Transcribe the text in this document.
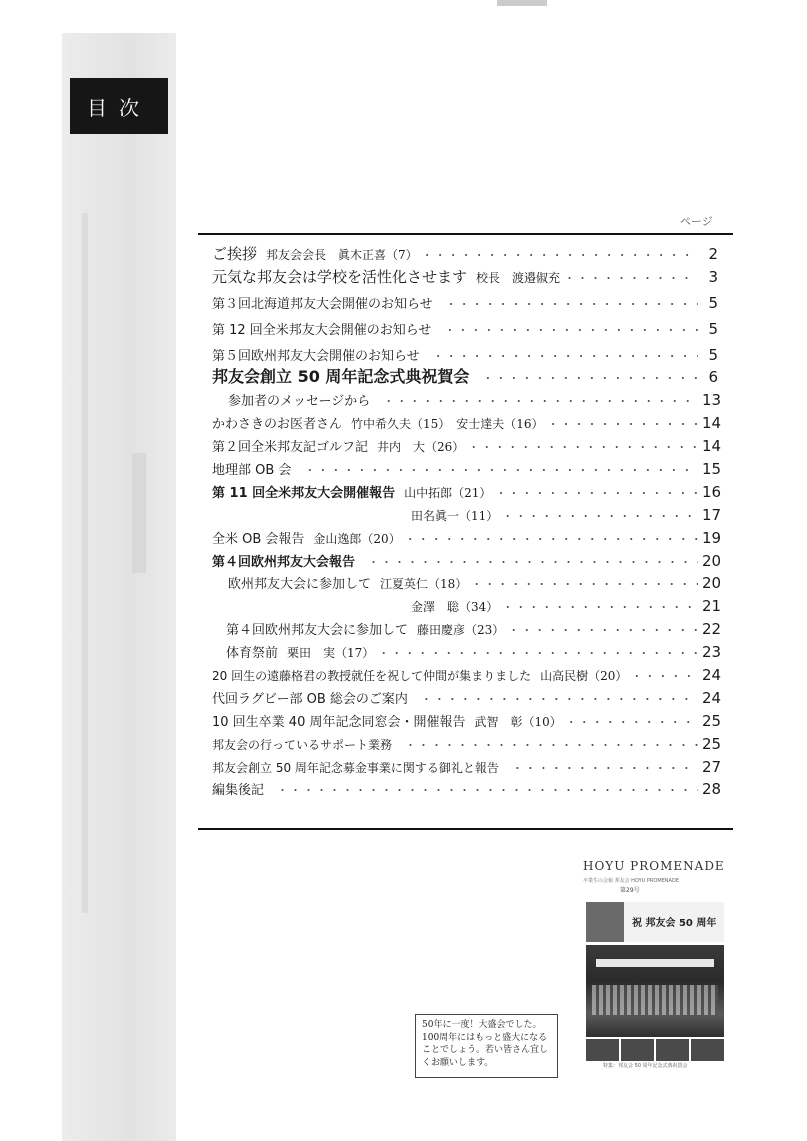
目次
ページ
ご挨拶 邦友会会長　眞木正喜（7） ・・・・・・・・・・・・・・・・・・・・・・・・・・・・・・・・・・・・・・・・・・・・・・・・・・・・・・・・	2
元気な邦友会は学校を活性化させます 校長　渡邉俶充 ・・・・・・・・・・・・・・・・・・・・・・・・・・・・・・・・・・・・・・・・・・・・・・・・・・・・・・・・	3
第３回北海道邦友大会開催のお知らせ ・・・・・・・・・・・・・・・・・・・・・・・・・・・・・・・・・・・・・・・・・・・・・・・・・・・・・・・・	5
第 12 回全米邦友大会開催のお知らせ ・・・・・・・・・・・・・・・・・・・・・・・・・・・・・・・・・・・・・・・・・・・・・・・・・・・・・・・・	5
第５回欧州邦友大会開催のお知らせ ・・・・・・・・・・・・・・・・・・・・・・・・・・・・・・・・・・・・・・・・・・・・・・・・・・・・・・・・	5
邦友会創立 50 周年記念式典祝賀会 ・・・・・・・・・・・・・・・・・・・・・・・・・・・・・・・・・・・・・・・・・・・・・・・・・・・・・・・・	6
参加者のメッセージから ・・・・・・・・・・・・・・・・・・・・・・・・・・・・・・・・・・・・・・・・・・・・・・・・・・・・・・・・	13
かわさきのお医者さん 竹中希久夫（15）　安士達夫（16） ・・・・・・・・・・・・・・・・・・・・・・・・・・・・・・・・・・・・・・・・・・・・・・・・・・・・・・・・	14
第２回全米邦友記ゴルフ記 井内　大（26） ・・・・・・・・・・・・・・・・・・・・・・・・・・・・・・・・・・・・・・・・・・・・・・・・・・・・・・・・	14
地理部 OB 会 ・・・・・・・・・・・・・・・・・・・・・・・・・・・・・・・・・・・・・・・・・・・・・・・・・・・・・・・・	15
第 11 回全米邦友大会開催報告 山中拓郎（21） ・・・・・・・・・・・・・・・・・・・・・・・・・・・・・・・・・・・・・・・・・・・・・・・・・・・・・・・・	16
田名眞一（11） ・・・・・・・・・・・・・・・・・・・・・・・・・・・・・・・・・・・・・・・・・・・・・・・・・・・・・・・・	17
全米 OB 会報告 金山逸郎（20） ・・・・・・・・・・・・・・・・・・・・・・・・・・・・・・・・・・・・・・・・・・・・・・・・・・・・・・・・	19
第４回欧州邦友大会報告 ・・・・・・・・・・・・・・・・・・・・・・・・・・・・・・・・・・・・・・・・・・・・・・・・・・・・・・・・	20
欧州邦友大会に参加して 江夏英仁（18） ・・・・・・・・・・・・・・・・・・・・・・・・・・・・・・・・・・・・・・・・・・・・・・・・・・・・・・・・	20
金澤　聡（34） ・・・・・・・・・・・・・・・・・・・・・・・・・・・・・・・・・・・・・・・・・・・・・・・・・・・・・・・・	21
第４回欧州邦友大会に参加して 藤田慶彦（23） ・・・・・・・・・・・・・・・・・・・・・・・・・・・・・・・・・・・・・・・・・・・・・・・・・・・・・・・・	22
体育祭前 栗田　実（17） ・・・・・・・・・・・・・・・・・・・・・・・・・・・・・・・・・・・・・・・・・・・・・・・・・・・・・・・・	23
20 回生の遠藤格君の教授就任を祝して仲間が集まりました 山高民樹（20） ・・・・・・・・・・・・・・・・・・・・・・・・・・・・・・・・・・・・・・・・・・・・・・・・・・・・・・・・	24
代回ラグビー部 OB 総会のご案内 ・・・・・・・・・・・・・・・・・・・・・・・・・・・・・・・・・・・・・・・・・・・・・・・・・・・・・・・・	24
10 回生卒業 40 周年記念同窓会・開催報告 武智　彰（10） ・・・・・・・・・・・・・・・・・・・・・・・・・・・・・・・・・・・・・・・・・・・・・・・・・・・・・・・・	25
邦友会の行っているサポート業務 ・・・・・・・・・・・・・・・・・・・・・・・・・・・・・・・・・・・・・・・・・・・・・・・・・・・・・・・・	25
邦友会創立 50 周年記念募金事業に関する御礼と報告 ・・・・・・・・・・・・・・・・・・・・・・・・・・・・・・・・・・・・・・・・・・・・・・・・・・・・・・・・	27
編集後記 ・・・・・・・・・・・・・・・・・・・・・・・・・・・・・・・・・・・・・・・・・・・・・・・・・・・・・・・・	28
HOYU PROMENADE
卒業生の会報 邦友会 HOYU PROMENADE
第29号
祝 邦友会 50 周年
特集：邦友会 50 周年記念式典祝賀会
50年に一度！大盛会でした。100周年にはもっと盛大になることでしょう。若い皆さん宜しくお願いします。
